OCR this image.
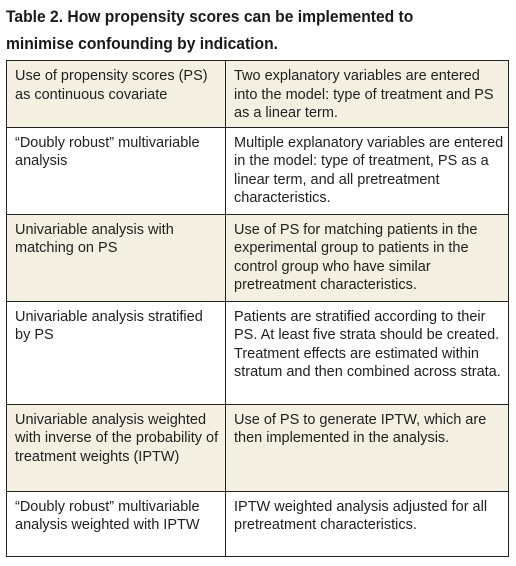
Table 2. How propensity scores can be implemented to minimise confounding by indication.
Use of propensity scores (PS) as continuous covariate	Two explanatory variables are entered into the model: type of treatment and PS as a linear term.

“Doubly robust” multivariable analysis	Multiple explanatory variables are entered in the model: type of treatment, PS as a linear term, and all pretreatment characteristics.

Univariable analysis with matching on PS	Use of PS for matching patients in the experimental group to patients in the control group who have similar pretreatment characteristics.

Univariable analysis stratified by PS	Patients are stratified according to their PS. At least five strata should be created. Treatment effects are estimated within stratum and then combined across strata.

Univariable analysis weighted with inverse of the probability of treatment weights (IPTW)	Use of PS to generate IPTW, which are then implemented in the analysis.

“Doubly robust” multivariable analysis weighted with IPTW	IPTW weighted analysis adjusted for all pretreatment characteristics.
